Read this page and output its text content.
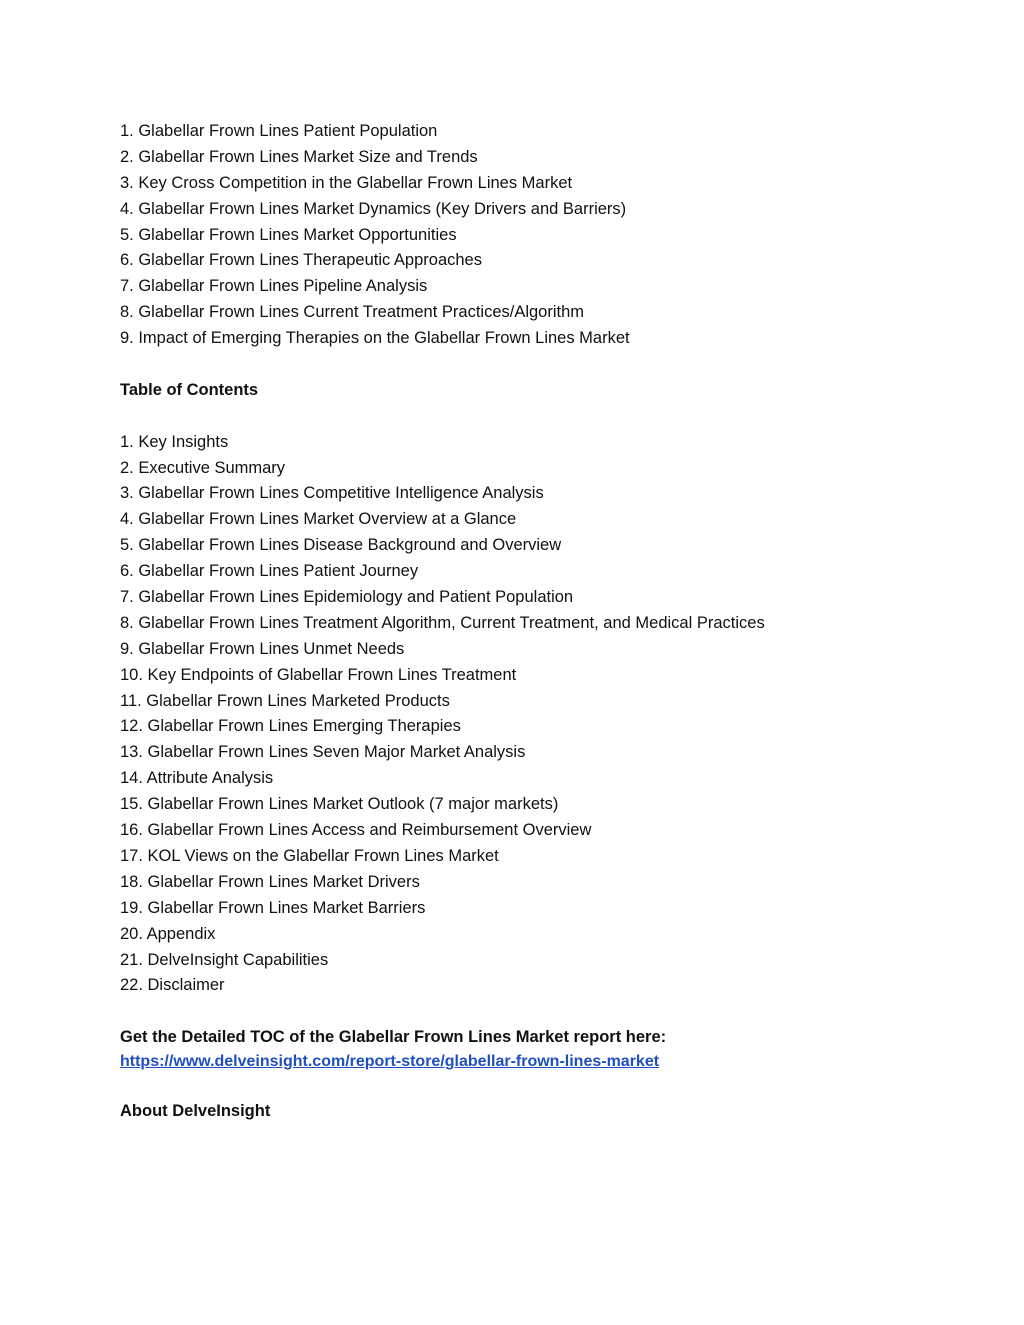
1. Glabellar Frown Lines Patient Population
2. Glabellar Frown Lines Market Size and Trends
3. Key Cross Competition in the Glabellar Frown Lines Market
4. Glabellar Frown Lines Market Dynamics (Key Drivers and Barriers)
5. Glabellar Frown Lines Market Opportunities
6. Glabellar Frown Lines Therapeutic Approaches
7. Glabellar Frown Lines Pipeline Analysis
8. Glabellar Frown Lines Current Treatment Practices/Algorithm
9. Impact of Emerging Therapies on the Glabellar Frown Lines Market
Table of Contents
1. Key Insights
2. Executive Summary
3. Glabellar Frown Lines Competitive Intelligence Analysis
4. Glabellar Frown Lines Market Overview at a Glance
5. Glabellar Frown Lines Disease Background and Overview
6. Glabellar Frown Lines Patient Journey
7. Glabellar Frown Lines Epidemiology and Patient Population
8. Glabellar Frown Lines Treatment Algorithm, Current Treatment, and Medical Practices
9. Glabellar Frown Lines Unmet Needs
10. Key Endpoints of Glabellar Frown Lines Treatment
11. Glabellar Frown Lines Marketed Products
12. Glabellar Frown Lines Emerging Therapies
13. Glabellar Frown Lines Seven Major Market Analysis
14. Attribute Analysis
15. Glabellar Frown Lines Market Outlook (7 major markets)
16. Glabellar Frown Lines Access and Reimbursement Overview
17. KOL Views on the Glabellar Frown Lines Market
18. Glabellar Frown Lines Market Drivers
19. Glabellar Frown Lines Market Barriers
20. Appendix
21. DelveInsight Capabilities
22. Disclaimer
Get the Detailed TOC of the Glabellar Frown Lines Market report here:
https://www.delveinsight.com/report-store/glabellar-frown-lines-market
About DelveInsight
